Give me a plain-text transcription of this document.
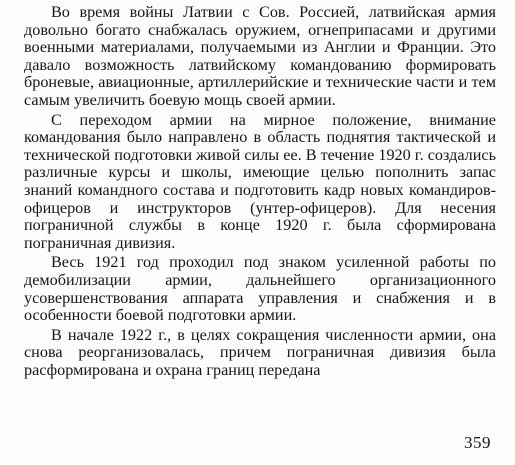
Во время войны Латвии с Сов. Россией, латвийская армия довольно богато снабжалась оружием, огнеприпасами и другими военными материалами, получаемыми из Англии и Франции. Это давало возможность латвийскому командованию формировать броневые, авиационные, артиллерийские и технические части и тем самым увеличить боевую мощь своей армии.

С переходом армии на мирное положение, внимание командования было направлено в область поднятия тактической и технической подготовки живой силы ее. В течение 1920 г. создались различные курсы и школы, имеющие целью пополнить запас знаний командного состава и подготовить кадр новых командиров-офицеров и инструкторов (унтер-офицеров). Для несения пограничной службы в конце 1920 г. была сформирована пограничная дивизия.

Весь 1921 год проходил под знаком усиленной работы по демобилизации армии, дальнейшего организационного усовершенствования аппарата управления и снабжения и в особенности боевой подготовки армии.

В начале 1922 г., в целях сокращения численности армии, она снова реорганизовалась, причем пограничная дивизия была расформирована и охрана границ передана

359
